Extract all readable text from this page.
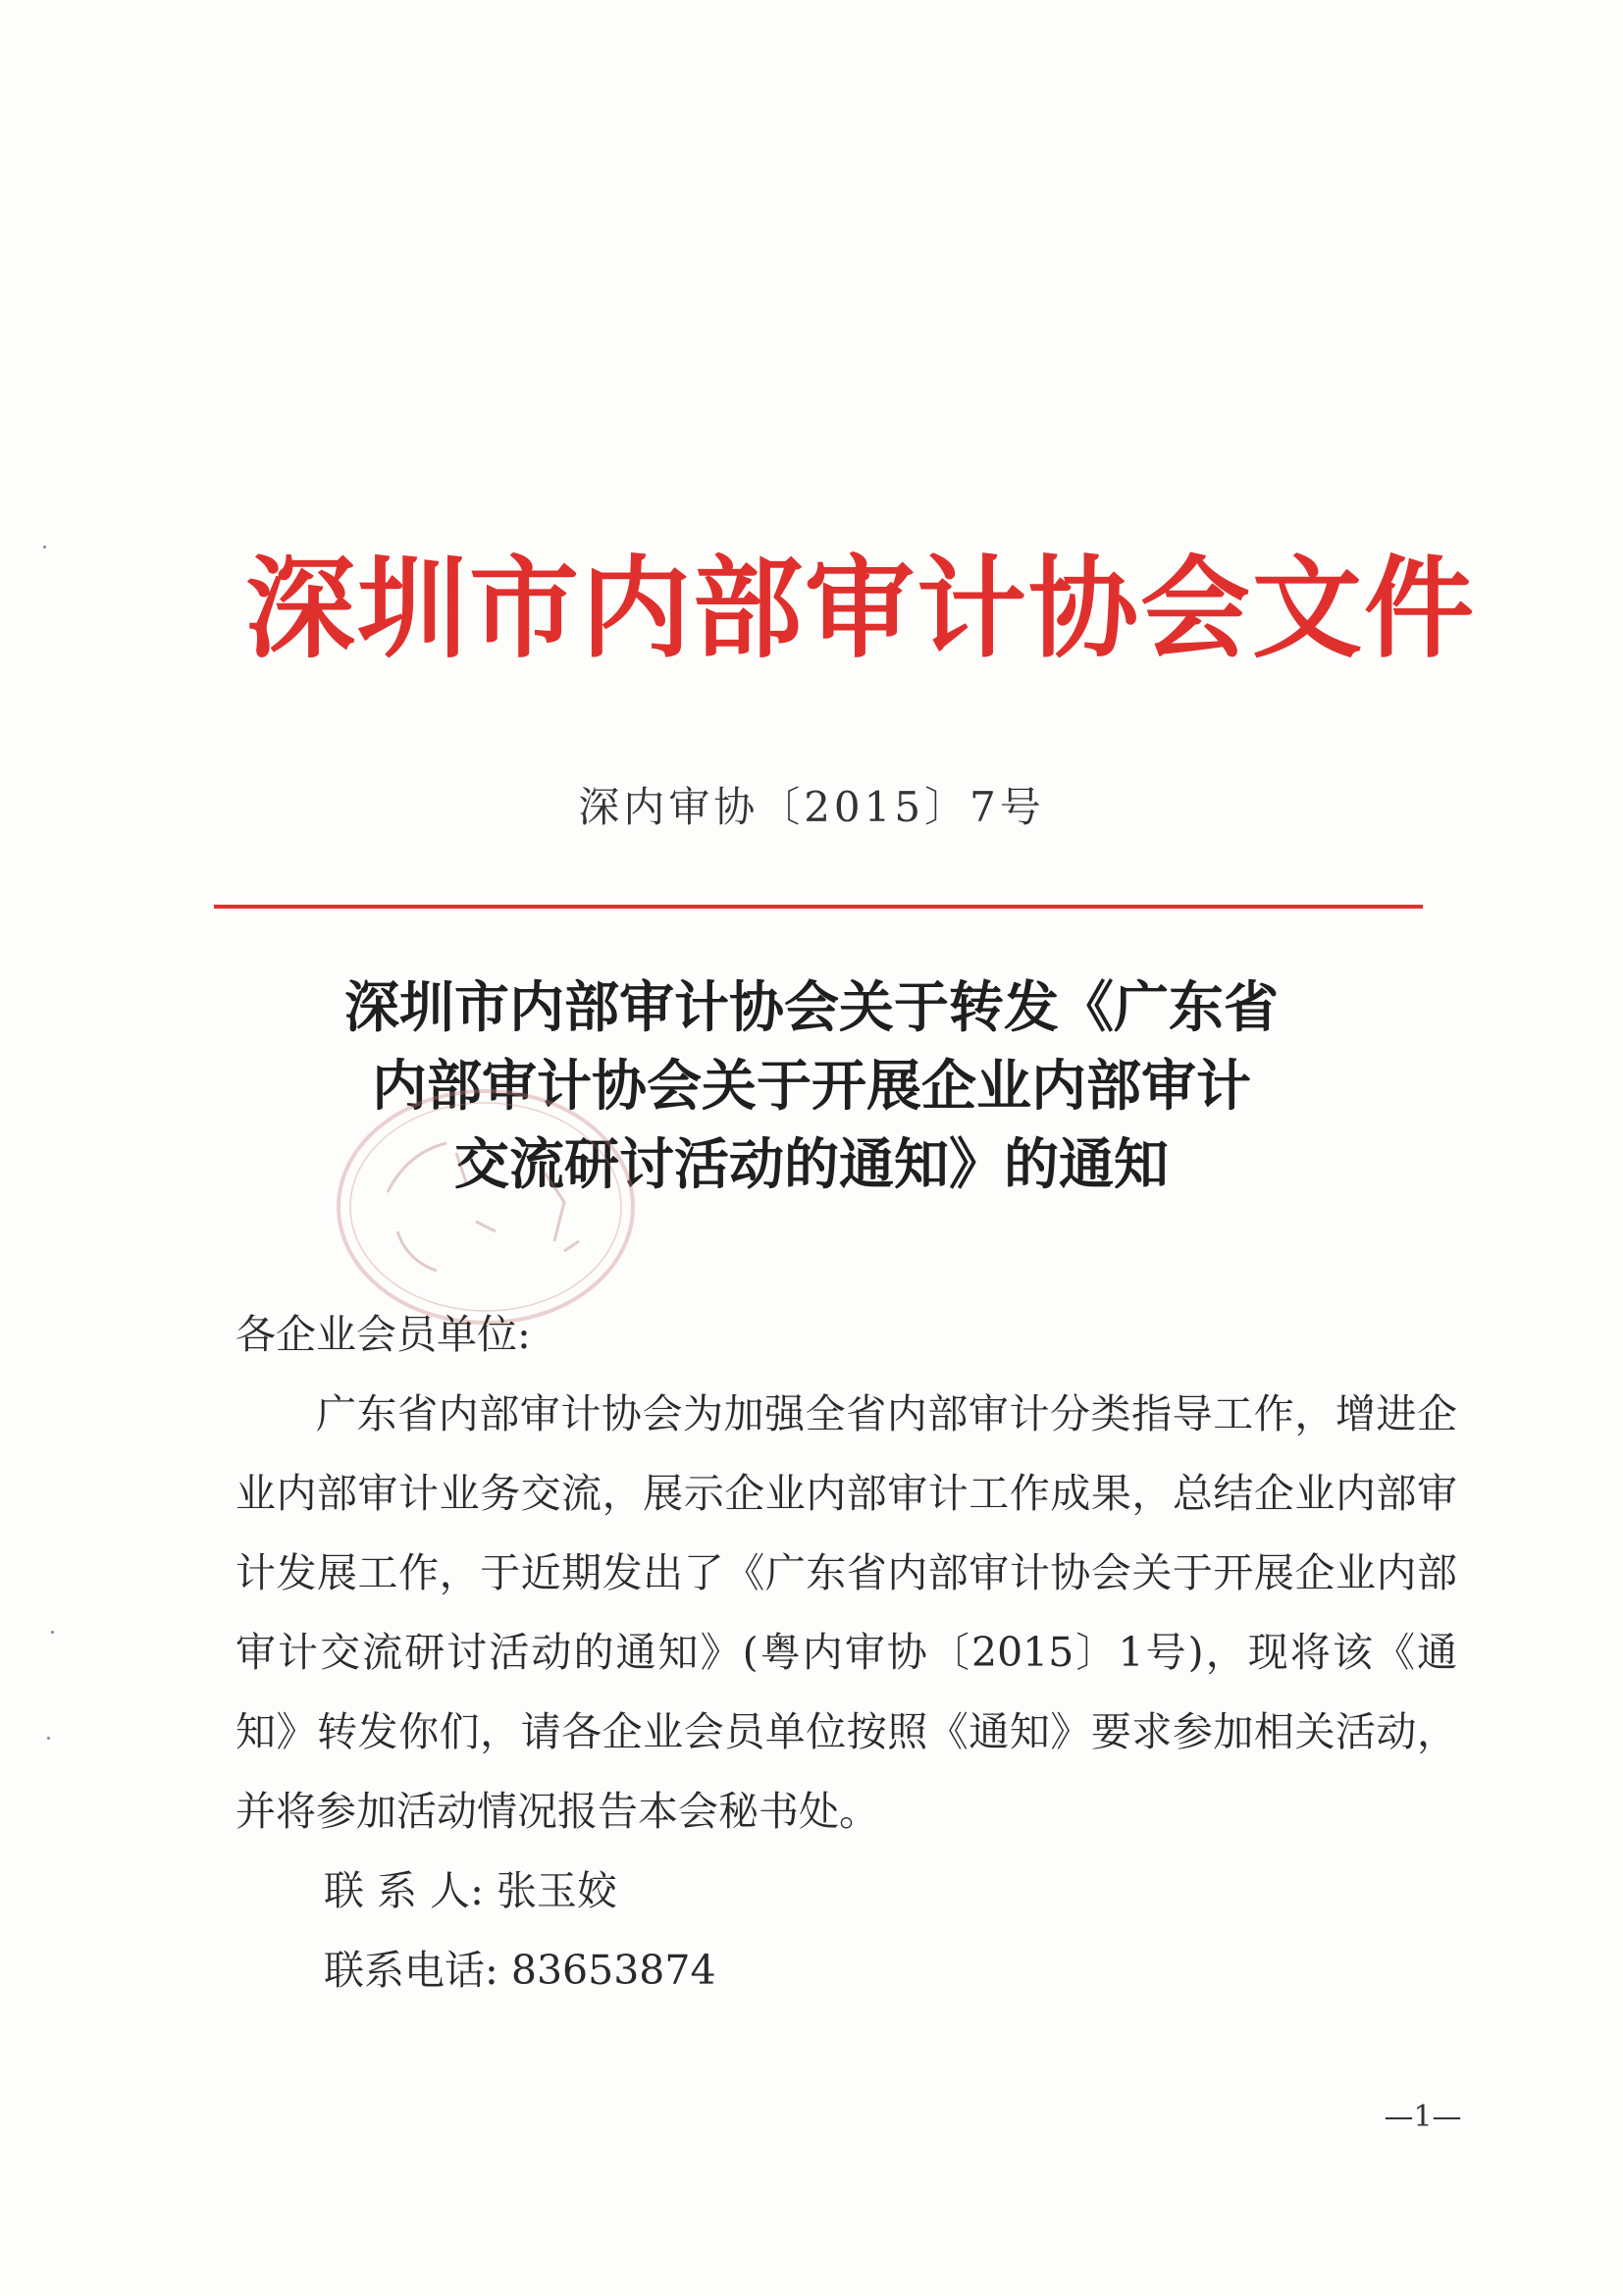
深圳市内部审计协会文件
深内审协〔2015〕7号
深圳市内部审计协会关于转发《广东省
内部审计协会关于开展企业内部审计
交流研讨活动的通知》的通知
各企业会员单位:

广东省内部审计协会为加强全省内部审计分类指导工作，增进企业内部审计业务交流，展示企业内部审计工作成果，总结企业内部审计发展工作，于近期发出了《广东省内部审计协会关于开展企业内部审计交流研讨活动的通知》(粤内审协〔2015〕1号)，现将该《通知》转发你们，请各企业会员单位按照《通知》要求参加相关活动，并将参加活动情况报告本会秘书处。

联 系 人: 张玉姣
联系电话: 83653874
—1—
